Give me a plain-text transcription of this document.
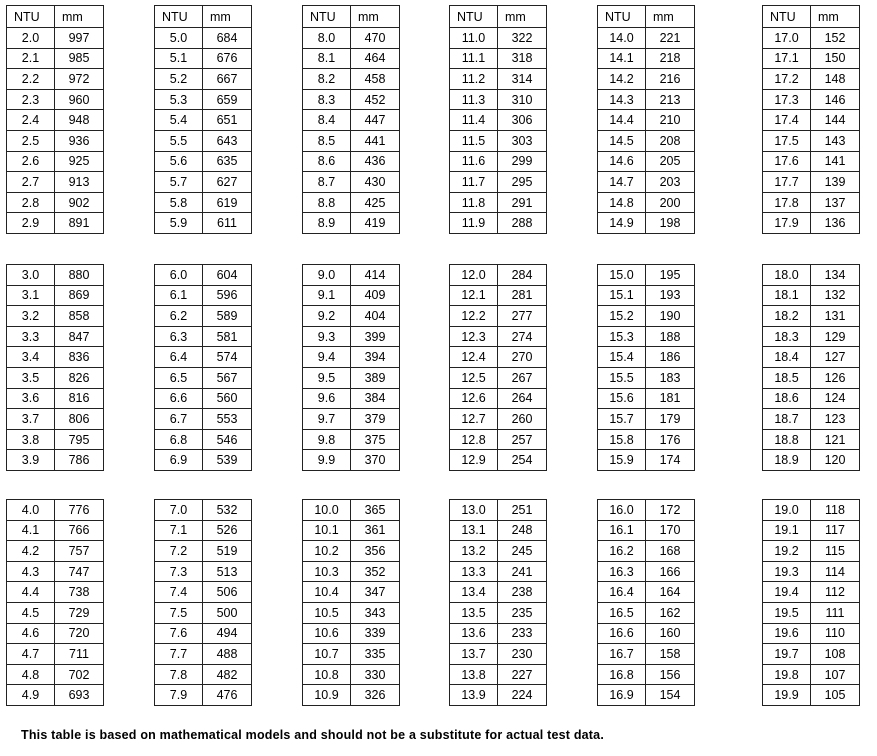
NTU	mm
2.0	997
2.1	985
2.2	972
2.3	960
2.4	948
2.5	936
2.6	925
2.7	913
2.8	902
2.9	891
3.0	880
3.1	869
3.2	858
3.3	847
3.4	836
3.5	826
3.6	816
3.7	806
3.8	795
3.9	786
4.0	776
4.1	766
4.2	757
4.3	747
4.4	738
4.5	729
4.6	720
4.7	711
4.8	702
4.9	693
NTU	mm
5.0	684
5.1	676
5.2	667
5.3	659
5.4	651
5.5	643
5.6	635
5.7	627
5.8	619
5.9	611
6.0	604
6.1	596
6.2	589
6.3	581
6.4	574
6.5	567
6.6	560
6.7	553
6.8	546
6.9	539
7.0	532
7.1	526
7.2	519
7.3	513
7.4	506
7.5	500
7.6	494
7.7	488
7.8	482
7.9	476
NTU	mm
8.0	470
8.1	464
8.2	458
8.3	452
8.4	447
8.5	441
8.6	436
8.7	430
8.8	425
8.9	419
9.0	414
9.1	409
9.2	404
9.3	399
9.4	394
9.5	389
9.6	384
9.7	379
9.8	375
9.9	370
10.0	365
10.1	361
10.2	356
10.3	352
10.4	347
10.5	343
10.6	339
10.7	335
10.8	330
10.9	326
NTU	mm
11.0	322
11.1	318
11.2	314
11.3	310
11.4	306
11.5	303
11.6	299
11.7	295
11.8	291
11.9	288
12.0	284
12.1	281
12.2	277
12.3	274
12.4	270
12.5	267
12.6	264
12.7	260
12.8	257
12.9	254
13.0	251
13.1	248
13.2	245
13.3	241
13.4	238
13.5	235
13.6	233
13.7	230
13.8	227
13.9	224
NTU	mm
14.0	221
14.1	218
14.2	216
14.3	213
14.4	210
14.5	208
14.6	205
14.7	203
14.8	200
14.9	198
15.0	195
15.1	193
15.2	190
15.3	188
15.4	186
15.5	183
15.6	181
15.7	179
15.8	176
15.9	174
16.0	172
16.1	170
16.2	168
16.3	166
16.4	164
16.5	162
16.6	160
16.7	158
16.8	156
16.9	154
NTU	mm
17.0	152
17.1	150
17.2	148
17.3	146
17.4	144
17.5	143
17.6	141
17.7	139
17.8	137
17.9	136
18.0	134
18.1	132
18.2	131
18.3	129
18.4	127
18.5	126
18.6	124
18.7	123
18.8	121
18.9	120
19.0	118
19.1	117
19.2	115
19.3	114
19.4	112
19.5	111
19.6	110
19.7	108
19.8	107
19.9	105
This table is based on mathematical models and should not be a substitute for actual test data.
